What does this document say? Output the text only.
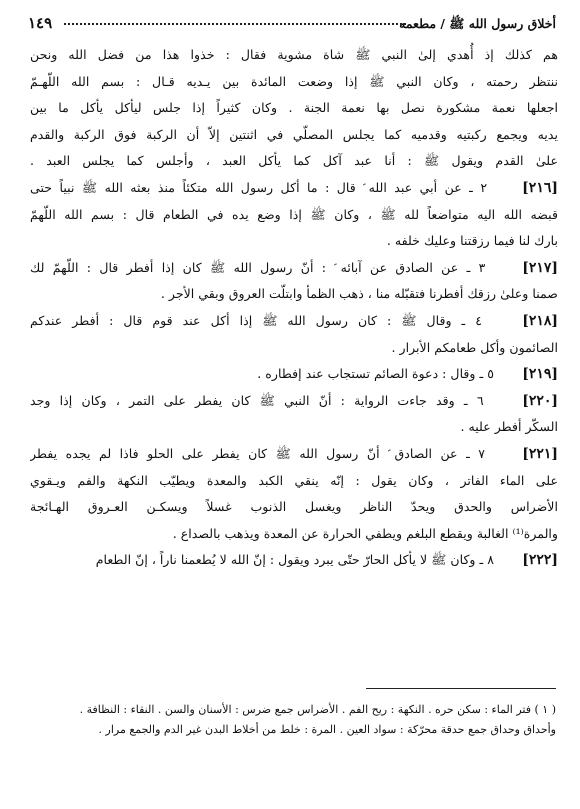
أخلاق رسول الله ﷺ / مطعمه
١٤٩
هم كذلك إذ أُهدي إلىٰ النبي ﷺ شاة مشوية فقال : خذوا هذا من فضل الله ونحن
ننتظر رحمته ، وكان النبي ﷺ إذا وضعت المائدة بين يـديه قـال : بسم الله اللّهـمّ
اجعلها نعمة مشكورة نصل بها نعمة الجنة . وكان كثيراً إذا جلس ليأكل يأكل ما بين
يديه ويجمع ركبتيه وقدميه كما يجلس المصلّي في اثنتين إلاّ أن الركبة فوق الركبة والقدم
علىٰ القدم ويقول ﷺ : أنا عبد آكل كما يأكل العبد ، وأجلس كما يجلس العبد .
[٢١٦]  ٢ ـ عن أبي عبد الله ؑ قال : ما أكل رسول الله متكئاً منذ بعثه الله ﷺ نبياً حتى
قبضه الله اليه متواضعاً لله ﷺ ، وكان ﷺ إذا وضع يده في الطعام قال : بسم الله اللّهمّ
بارك لنا فيما رزقتنا وعليك خلفه .
[٢١٧]  ٣ ـ عن الصادق عن آبائه ؑ : أنّ رسول الله ﷺ كان إذا أفطر قال : اللّهمّ لك
صمنا وعلىٰ رزقك أفطرنا فتقبّله منا ، ذهب الظمأ وابتلّت العروق وبقي الأجر .
[٢١٨]  ٤ ـ وقال ﷺ : كان رسول الله ﷺ إذا أكل عند قوم قال : أفطر عندكم
الصائمون وأكل طعامكم الأبرار .
[٢١٩]  ٥ ـ وقال : دعوة الصائم تستجاب عند إفطاره .
[٢٢٠]  ٦ ـ وقد جاءت الرواية : أنّ النبي ﷺ كان يفطر على التمر ، وكان إذا وجد
السكّر أفطر عليه .
[٢٢١]  ٧ ـ عن الصادق ؑ أنّ رسول الله ﷺ كان يفطر على الحلو فاذا لم يجده يفطر
على الماء الفاتر ، وكان يقول : إنّه ينقي الكبد والمعدة ويطيّب النكهة والفم ويـقوي
الأضراس والحدق ويحدّ الناظر ويغسل الذنوب غسلاً ويسكـن العـروق الهـائجة
والمرة⁽¹⁾ الغالبة ويقطع البلغم ويطفي الحرارة عن المعدة ويذهب بالصداع .
[٢٢٢]  ٨ ـ وكان ﷺ لا يأكل الحارّ حتّى يبرد ويقول : إنّ الله لا يُطعمنا ناراً ، إنّ الطعام
( ١ ) فتر الماء : سكن حره . النكهة : ريح الفم . الأضراس جمع ضرس : الأسنان والسن . النقاء : النظافة .
وأحداق وحداق جمع حدقة محرّكة : سواد العين . المرة : خلط من أخلاط البدن غير الدم والجمع مرار .
